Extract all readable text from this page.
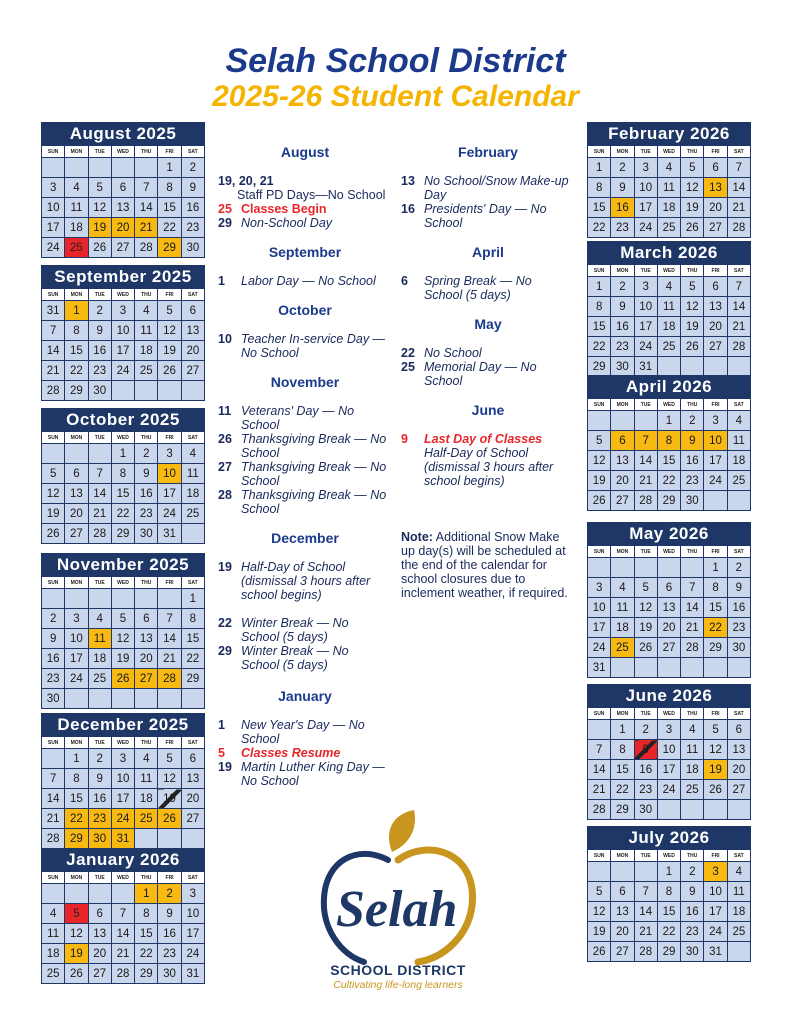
Selah School District
2025-26 Student Calendar
August 2025
SUN	MON	TUE	WED	THU	FRI	SAT
					1	2
3	4	5	6	7	8	9
10	11	12	13	14	15	16
17	18	19	20	21	22	23
24	25	26	27	28	29	30
September 2025
SUN	MON	TUE	WED	THU	FRI	SAT
31	1	2	3	4	5	6
7	8	9	10	11	12	13
14	15	16	17	18	19	20
21	22	23	24	25	26	27
28	29	30				
October 2025
SUN	MON	TUE	WED	THU	FRI	SAT
			1	2	3	4
5	6	7	8	9	10	11
12	13	14	15	16	17	18
19	20	21	22	23	24	25
26	27	28	29	30	31	
November 2025
SUN	MON	TUE	WED	THU	FRI	SAT
						1
2	3	4	5	6	7	8
9	10	11	12	13	14	15
16	17	18	19	20	21	22
23	24	25	26	27	28	29
30						
December 2025
SUN	MON	TUE	WED	THU	FRI	SAT
	1	2	3	4	5	6
7	8	9	10	11	12	13
14	15	16	17	18	19	20
21	22	23	24	25	26	27
28	29	30	31			
January 2026
SUN	MON	TUE	WED	THU	FRI	SAT
				1	2	3
4	5	6	7	8	9	10
11	12	13	14	15	16	17
18	19	20	21	22	23	24
25	26	27	28	29	30	31
February 2026
SUN	MON	TUE	WED	THU	FRI	SAT
1	2	3	4	5	6	7
8	9	10	11	12	13	14
15	16	17	18	19	20	21
22	23	24	25	26	27	28
March 2026
SUN	MON	TUE	WED	THU	FRI	SAT
1	2	3	4	5	6	7
8	9	10	11	12	13	14
15	16	17	18	19	20	21
22	23	24	25	26	27	28
29	30	31				
April 2026
SUN	MON	TUE	WED	THU	FRI	SAT
			1	2	3	4
5	6	7	8	9	10	11
12	13	14	15	16	17	18
19	20	21	22	23	24	25
26	27	28	29	30		
May 2026
SUN	MON	TUE	WED	THU	FRI	SAT
					1	2
3	4	5	6	7	8	9
10	11	12	13	14	15	16
17	18	19	20	21	22	23
24	25	26	27	28	29	30
31						
June 2026
SUN	MON	TUE	WED	THU	FRI	SAT
	1	2	3	4	5	6
7	8	9	10	11	12	13
14	15	16	17	18	19	20
21	22	23	24	25	26	27
28	29	30				
July 2026
SUN	MON	TUE	WED	THU	FRI	SAT
			1	2	3	4
5	6	7	8	9	10	11
12	13	14	15	16	17	18
19	20	21	22	23	24	25
26	27	28	29	30	31	
August
19, 20, 21
Staff PD Days—No School
25 Classes Begin
29 Non-School Day
September
1	Labor Day — No School
October
10 Teacher In-service Day — No School
November
11 Veterans' Day — No School
26 Thanksgiving Break — No School
27 Thanksgiving Break — No School
28 Thanksgiving Break — No School
December
19 Half-Day of School (dismissal 3 hours after school begins)
22 Winter Break — No School (5 days)
29 Winter Break — No School (5 days)
January
1	New Year's Day — No School
5	Classes Resume
19 Martin Luther King Day — No School
February
13 No School/Snow Make-up Day
16 Presidents' Day — No School
April
6	Spring Break — No School (5 days)
May
22 No School
25 Memorial Day — No School
June
9	Last Day of Classes
Half-Day of School (dismissal 3 hours after school begins)
Note: Additional Snow Make up day(s) will be scheduled at the end of the calendar for school closures due to inclement weather, if required.
Selah
SCHOOL DISTRICT
Cultivating life-long learners
